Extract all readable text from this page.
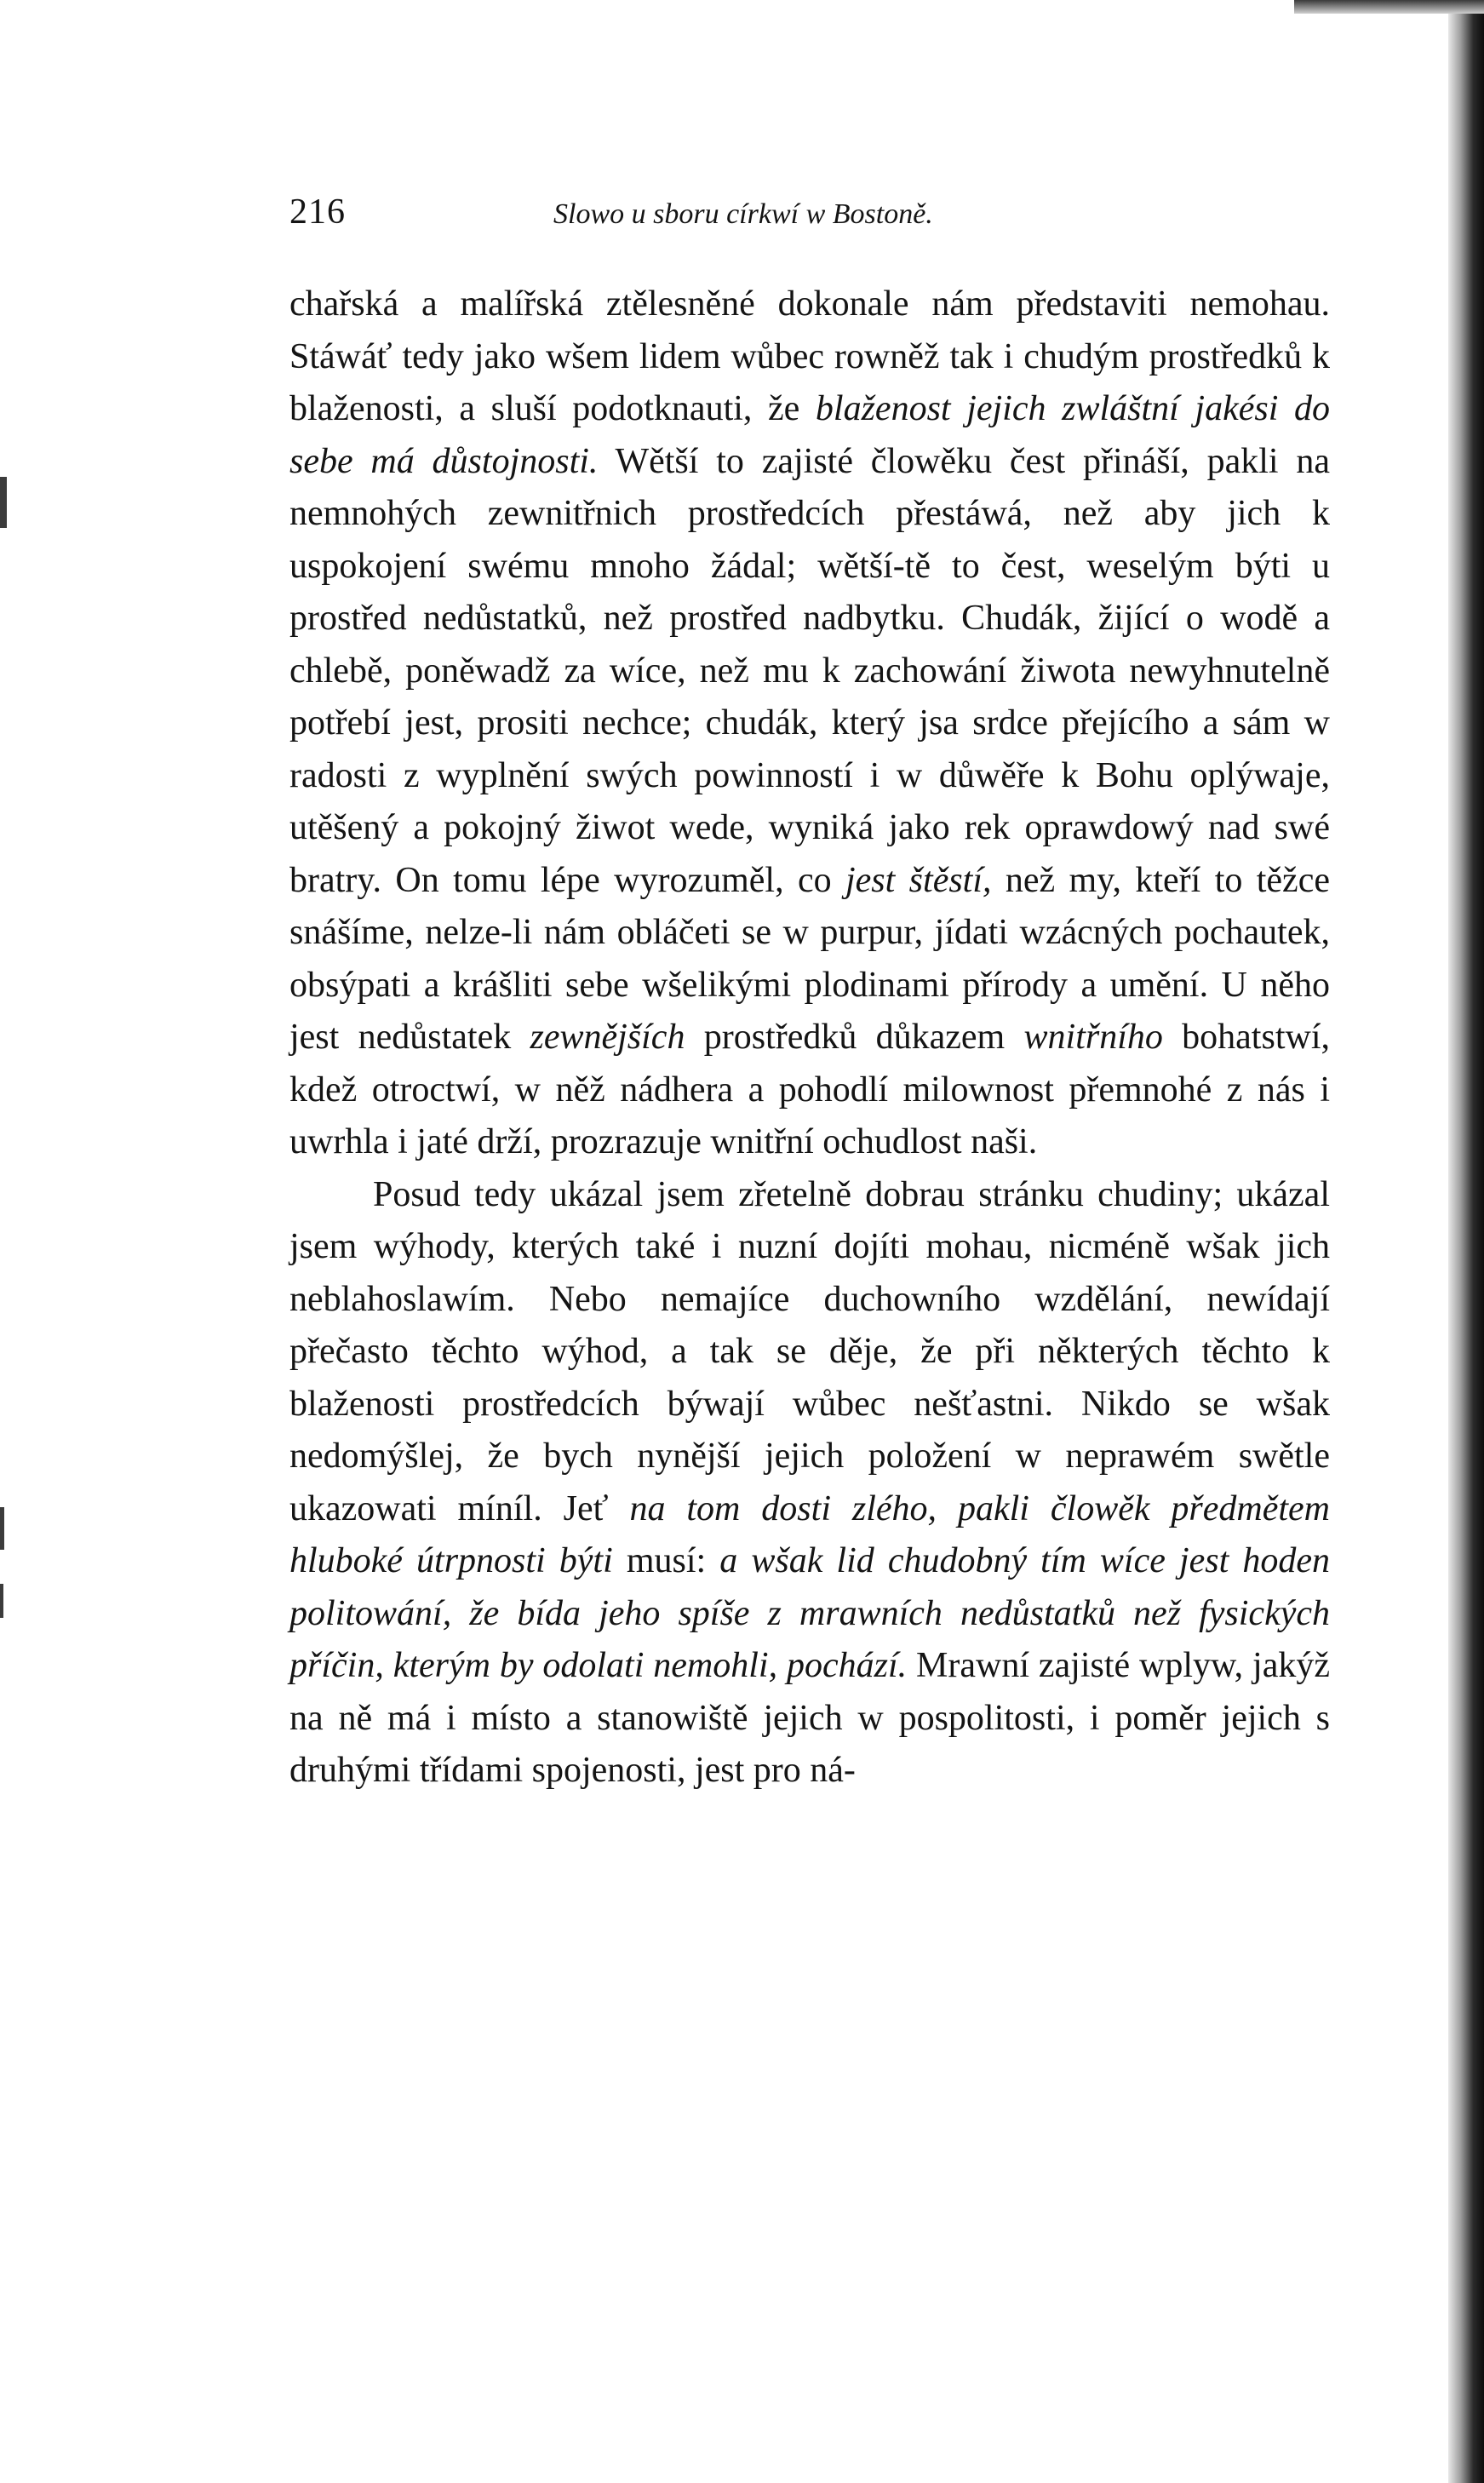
216	Slowo u sboru církwí w Bostoně.

chařská a malířská ztělesněné dokonale nám představiti nemohau. Stáwáť tedy jako wšem lidem wůbec rowněž tak i chudým prostředků k blaženosti, a sluší podotknauti, že blaženost jejich zwláštní jakési do sebe má důstojnosti. Wětší to zajisté člowěku čest přináší, pakli na nemnohých zewnitřnich prostředcích přestáwá, než aby jich k uspokojení swému mnoho žádal; wětší-tě to čest, weselým býti u prostřed nedůstatků, než prostřed nadbytku. Chudák, žijící o wodě a chlebě, poněwadž za wíce, než mu k zachowání žiwota newyhnutelně potřebí jest, prositi nechce; chudák, který jsa srdce přejícího a sám w radosti z wyplnění swých powinností i w důwěře k Bohu oplýwaje, utěšený a pokojný žiwot wede, wyniká jako rek oprawdowý nad swé bratry. On tomu lépe wyrozuměl, co jest štěstí, než my, kteří to těžce snášíme, nelze-li nám obláčeti se w purpur, jídati wzácných pochautek, obsýpati a krášliti sebe wšelikými plodinami přírody a umění. U něho jest nedůstatek zewnějších prostředků důkazem wnitřního bohatstwí, kdež otroctwí, w něž nádhera a pohodlí milownost přemnohé z nás i uwrhla i jaté drží, prozrazuje wnitřní ochudlost naši.

Posud tedy ukázal jsem zřetelně dobrau stránku chudiny; ukázal jsem wýhody, kterých také i nuzní dojíti mohau, nicméně wšak jich neblahoslawím. Nebo nemajíce duchowního wzdělání, newídají přečasto těchto wýhod, a tak se děje, že při některých těchto k blaženosti prostředcích býwají wůbec nešťastni. Nikdo se wšak nedomýšlej, že bych nynější jejich položení w neprawém swětle ukazowati míníl. Jeť na tom dosti zlého, pakli člowěk předmětem hluboké útrpnosti býti musí: a wšak lid chudobný tím wíce jest hoden politowání, že bída jeho spíše z mrawních nedůstatků než fysických příčin, kterým by odolati nemohli, pochází. Mrawní zajisté wplyw, jakýž na ně má i místo a stanowiště jejich w pospolitosti, i poměr jejich s druhými třídami spojenosti, jest pro ná-
